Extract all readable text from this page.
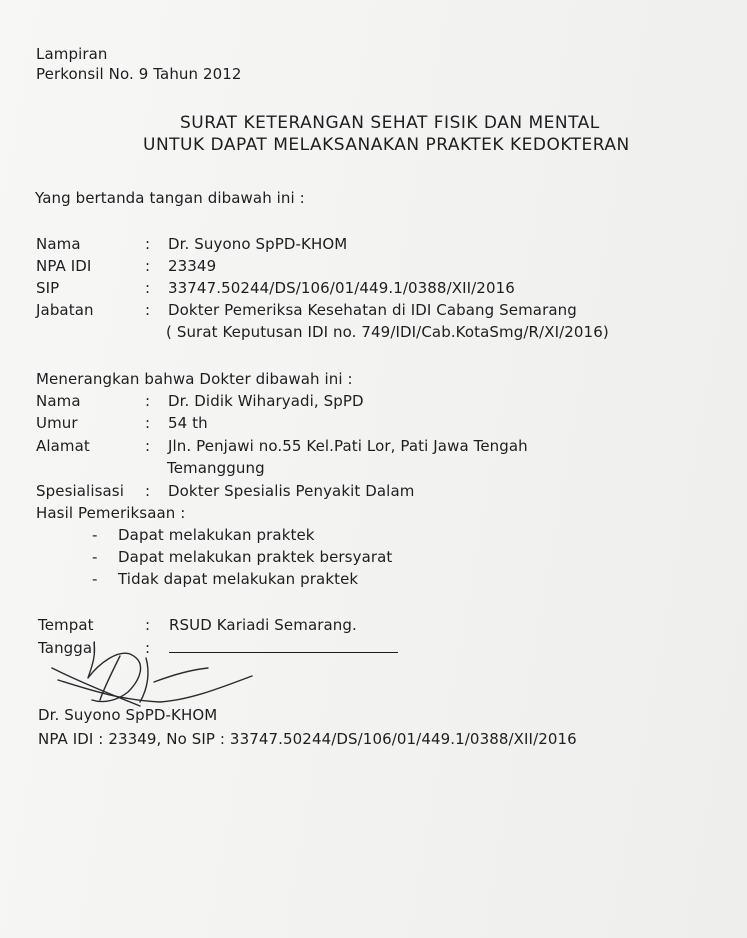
Lampiran
Perkonsil No. 9 Tahun 2012
SURAT KETERANGAN SEHAT FISIK DAN MENTAL
UNTUK DAPAT MELAKSANAKAN PRAKTEK KEDOKTERAN
Yang bertanda tangan dibawah ini :
Nama	: Dr. Suyono SpPD-KHOM
NPA IDI	: 23349
SIP	: 33747.50244/DS/106/01/449.1/0388/XII/2016
Jabatan	: Dokter Pemeriksa Kesehatan di IDI Cabang Semarang
( Surat Keputusan IDI no. 749/IDI/Cab.KotaSmg/R/XI/2016)
Menerangkan bahwa Dokter dibawah ini :
Nama	: Dr. Didik Wiharyadi, SpPD
Umur	: 54 th
Alamat	: Jln. Penjawi no.55 Kel.Pati Lor, Pati Jawa Tengah
Temanggung
Spesialisasi : Dokter Spesialis Penyakit Dalam
Hasil Pemeriksaan :
- Dapat melakukan praktek
- Dapat melakukan praktek bersyarat
- Tidak dapat melakukan praktek
Tempat	: RSUD Kariadi Semarang.
Tanggal	:
Dr. Suyono SpPD-KHOM
NPA IDI : 23349, No SIP : 33747.50244/DS/106/01/449.1/0388/XII/2016
